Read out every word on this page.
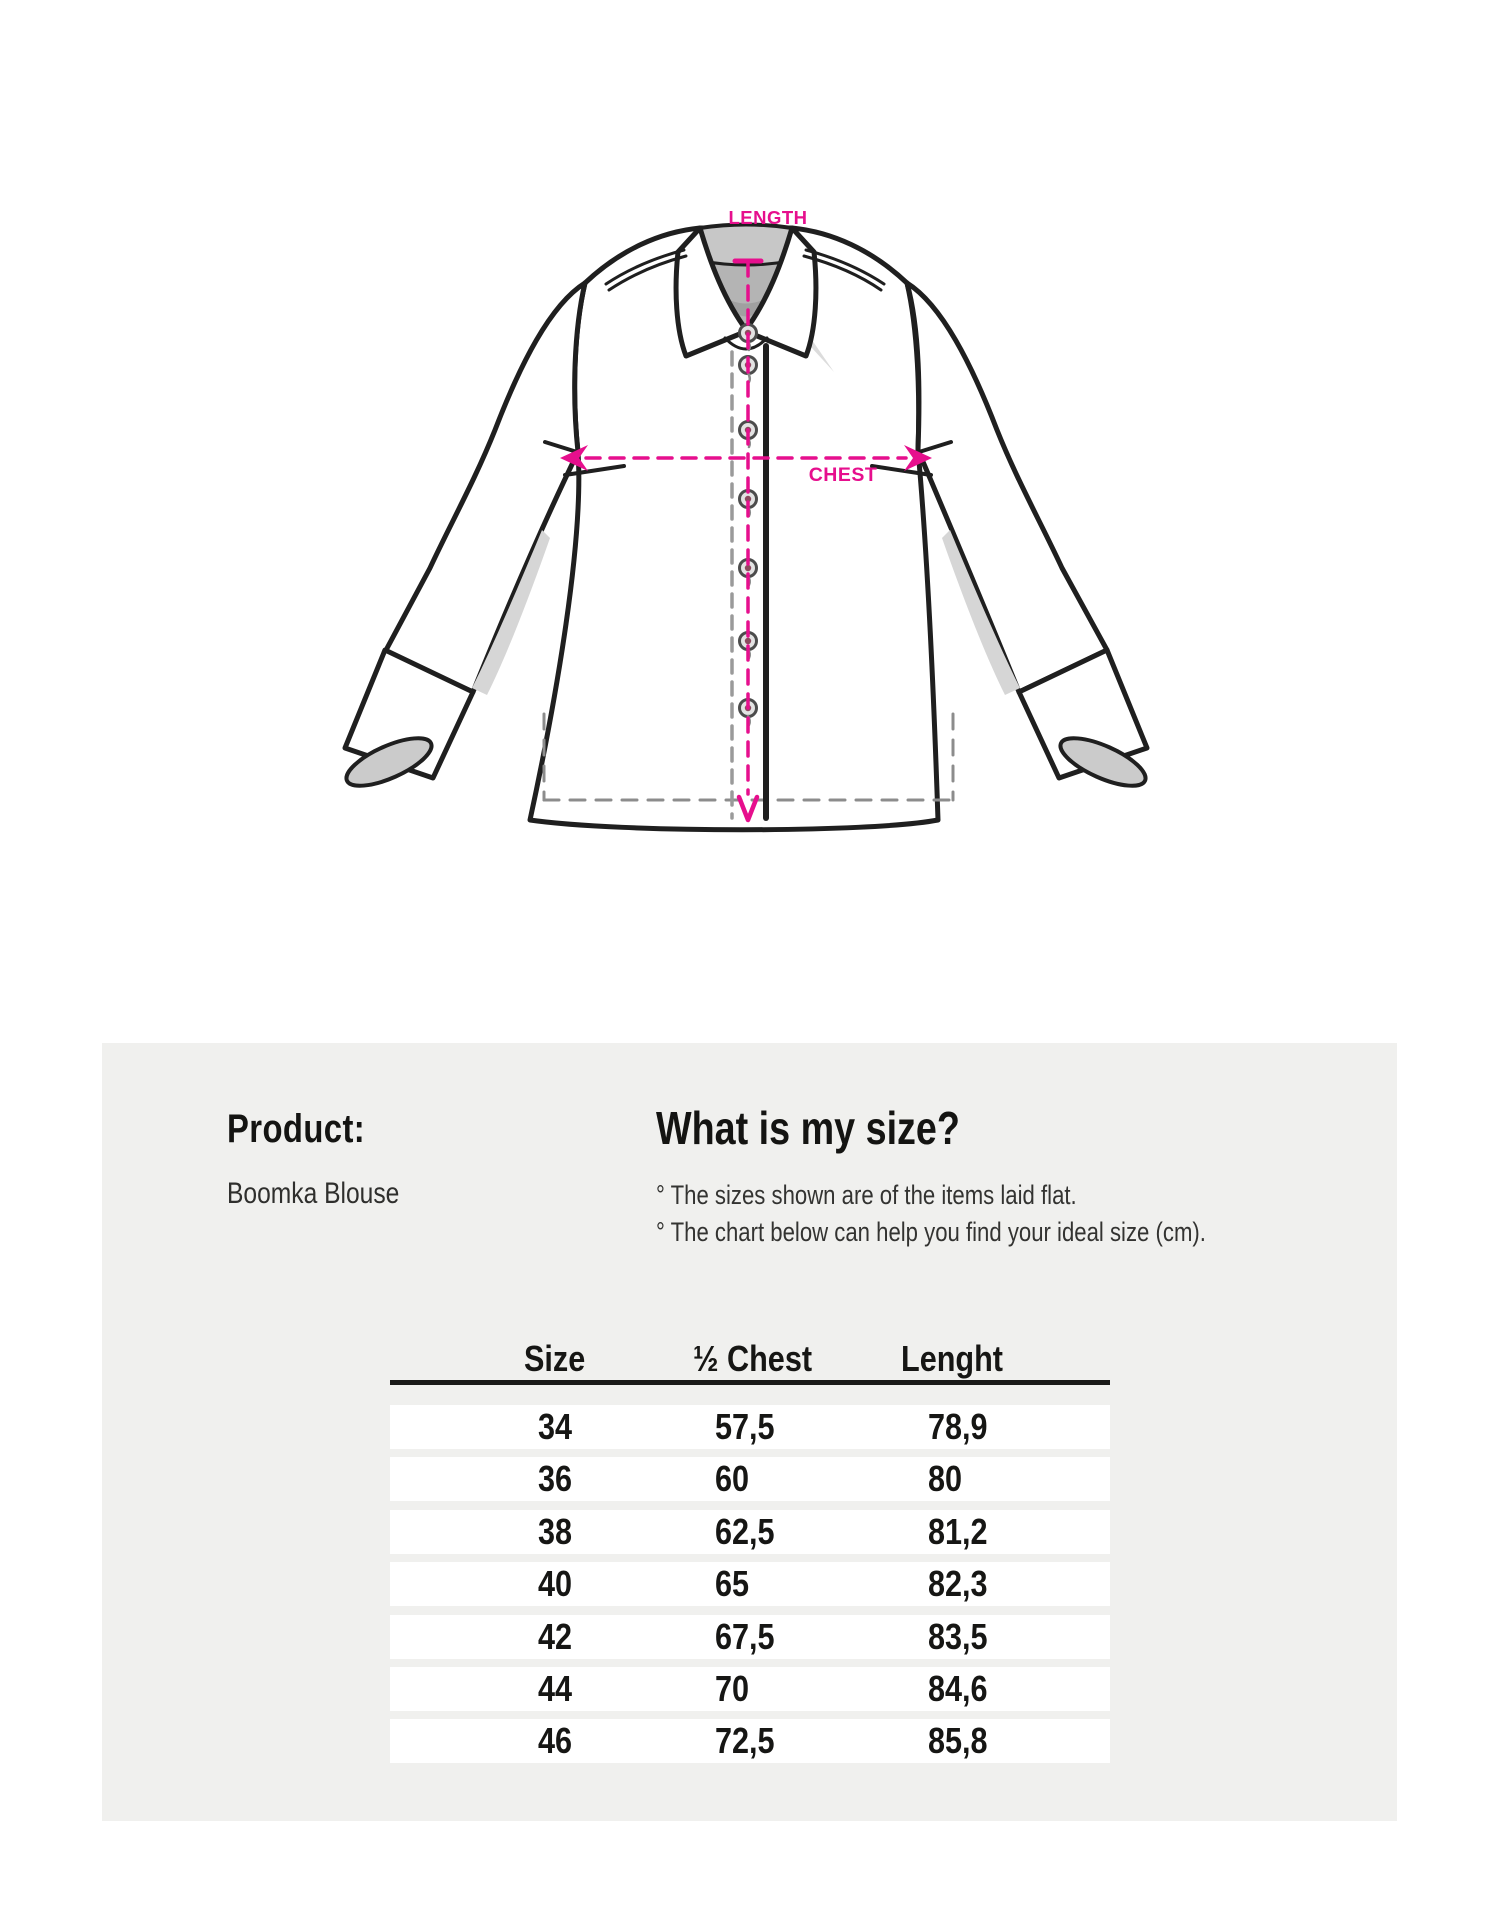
LENGTH
CHEST
Product:

Boomka Blouse

What is my size?

° The sizes shown are of the items laid flat.

° The chart below can help you find your ideal size (cm).

Size	½ Chest	Lenght
34	57,5	78,9
36	60	80
38	62,5	81,2
40	65	82,3
42	67,5	83,5
44	70	84,6
46	72,5	85,8
